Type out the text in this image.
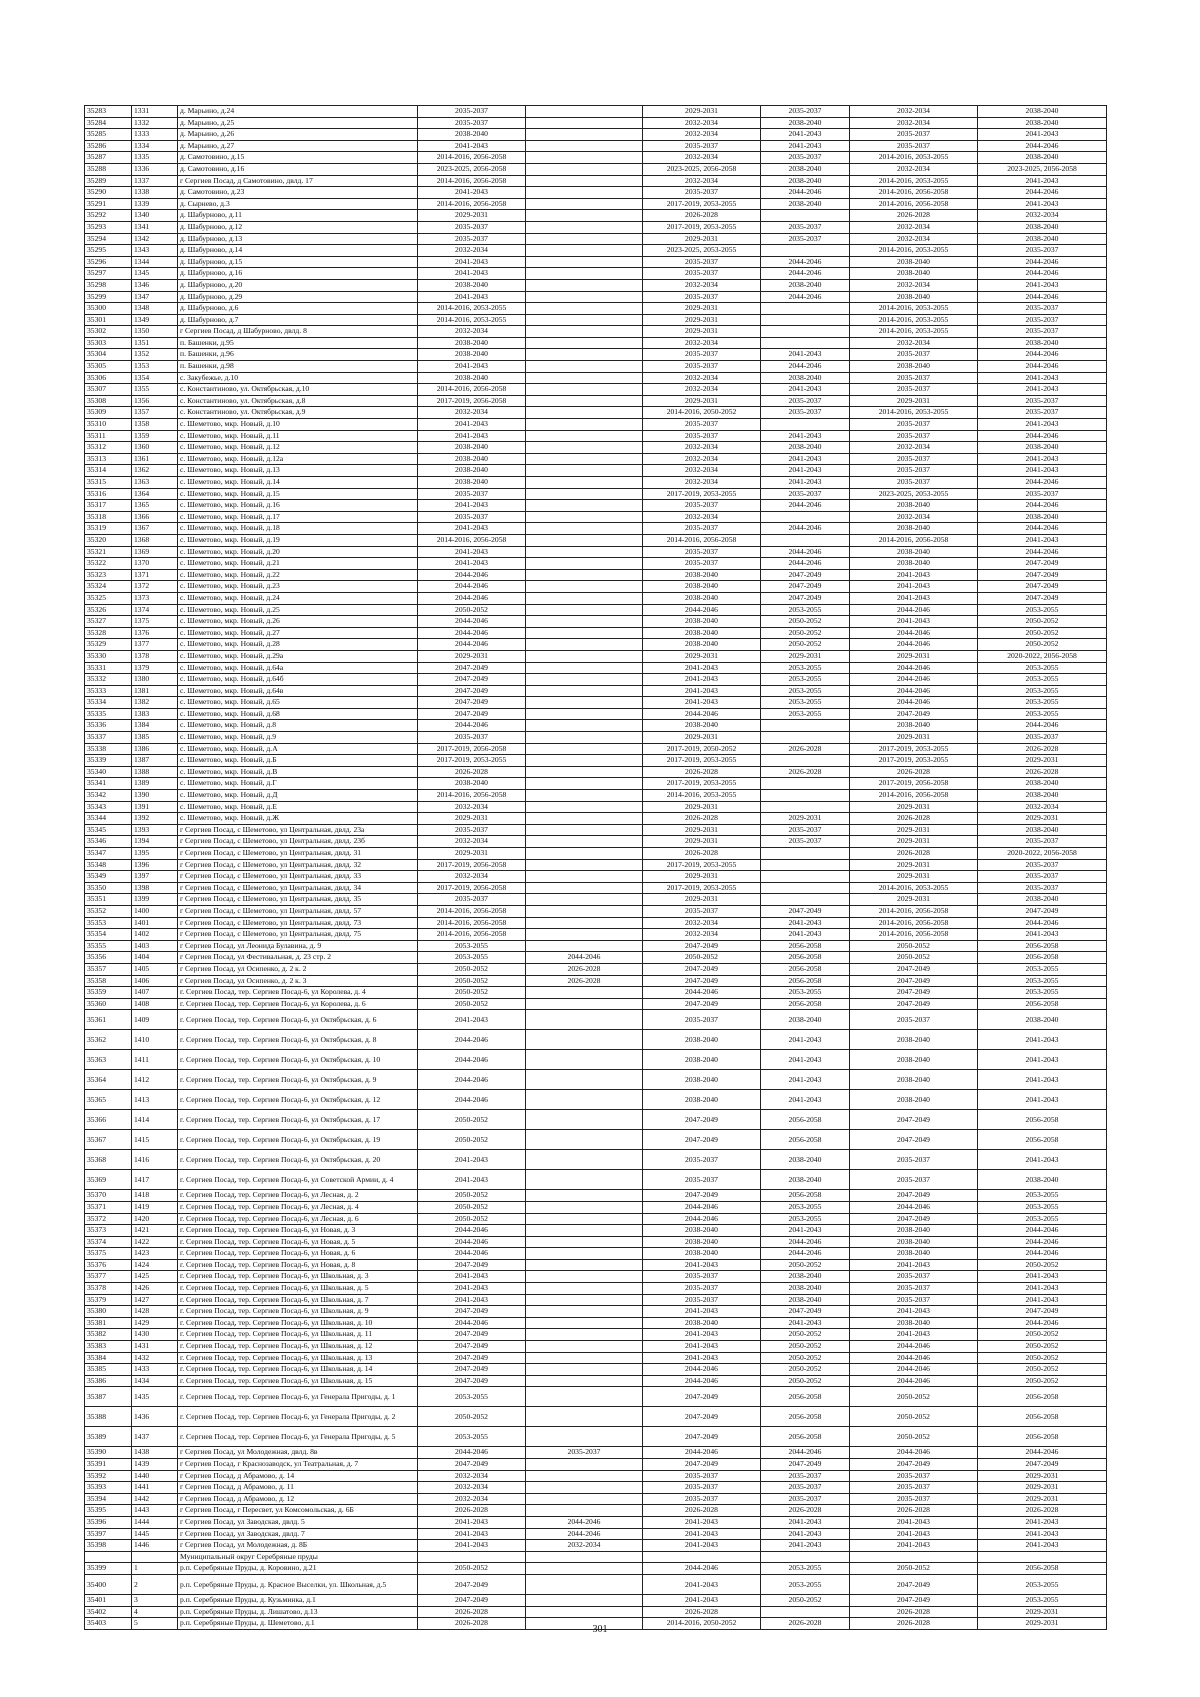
35283	1331	д. Марьино, д.24	2035-2037		2029-2031	2035-2037	2032-2034	2038-2040
35284	1332	д. Марьино, д.25	2035-2037		2032-2034	2038-2040	2032-2034	2038-2040
35285	1333	д. Марьино, д.26	2038-2040		2032-2034	2041-2043	2035-2037	2041-2043
35286	1334	д. Марьино, д.27	2041-2043		2035-2037	2041-2043	2035-2037	2044-2046
35287	1335	д. Самотовино, д.15	2014-2016, 2056-2058		2032-2034	2035-2037	2014-2016, 2053-2055	2038-2040
35288	1336	д. Самотовино, д.16	2023-2025, 2056-2058		2023-2025, 2056-2058	2038-2040	2032-2034	2023-2025, 2056-2058
35289	1337	г Сергиев Посад, д Самотовино, двлд. 17	2014-2016, 2056-2058		2032-2034	2038-2040	2014-2016, 2053-2055	2041-2043
35290	1338	д. Самотовино, д.23	2041-2043		2035-2037	2044-2046	2014-2016, 2056-2058	2044-2046
35291	1339	д. Сырнево, д.3	2014-2016, 2056-2058		2017-2019, 2053-2055	2038-2040	2014-2016, 2056-2058	2041-2043
35292	1340	д. Шабурново, д.11	2029-2031		2026-2028		2026-2028	2032-2034
35293	1341	д. Шабурново, д.12	2035-2037		2017-2019, 2053-2055	2035-2037	2032-2034	2038-2040
35294	1342	д. Шабурново, д.13	2035-2037		2029-2031	2035-2037	2032-2034	2038-2040
35295	1343	д. Шабурново, д.14	2032-2034		2023-2025, 2053-2055		2014-2016, 2053-2055	2035-2037
35296	1344	д. Шабурново, д.15	2041-2043		2035-2037	2044-2046	2038-2040	2044-2046
35297	1345	д. Шабурново, д.16	2041-2043		2035-2037	2044-2046	2038-2040	2044-2046
35298	1346	д. Шабурново, д.20	2038-2040		2032-2034	2038-2040	2032-2034	2041-2043
35299	1347	д. Шабурново, д.29	2041-2043		2035-2037	2044-2046	2038-2040	2044-2046
35300	1348	д. Шабурново, д.6	2014-2016, 2053-2055		2029-2031		2014-2016, 2053-2055	2035-2037
35301	1349	д. Шабурново, д.7	2014-2016, 2053-2055		2029-2031		2014-2016, 2053-2055	2035-2037
35302	1350	г Сергиев Посад, д Шабурново, двлд. 8	2032-2034		2029-2031		2014-2016, 2053-2055	2035-2037
35303	1351	п. Башенки, д.95	2038-2040		2032-2034		2032-2034	2038-2040
35304	1352	п. Башенки, д.96	2038-2040		2035-2037	2041-2043	2035-2037	2044-2046
35305	1353	п. Башенки, д.98	2041-2043		2035-2037	2044-2046	2038-2040	2044-2046
35306	1354	с. Закубежье, д.10	2038-2040		2032-2034	2038-2040	2035-2037	2041-2043
35307	1355	с. Константиново, ул. Октябрьская, д.10	2014-2016, 2056-2058		2032-2034	2041-2043	2035-2037	2041-2043
35308	1356	с. Константиново, ул. Октябрьская, д.8	2017-2019, 2056-2058		2029-2031	2035-2037	2029-2031	2035-2037
35309	1357	с. Константиново, ул. Октябрьская, д.9	2032-2034		2014-2016, 2050-2052	2035-2037	2014-2016, 2053-2055	2035-2037
35310	1358	с. Шеметово, мкр. Новый, д.10	2041-2043		2035-2037		2035-2037	2041-2043
35311	1359	с. Шеметово, мкр. Новый, д.11	2041-2043		2035-2037	2041-2043	2035-2037	2044-2046
35312	1360	с. Шеметово, мкр. Новый, д.12	2038-2040		2032-2034	2038-2040	2032-2034	2038-2040
35313	1361	с. Шеметово, мкр. Новый, д.12а	2038-2040		2032-2034	2041-2043	2035-2037	2041-2043
35314	1362	с. Шеметово, мкр. Новый, д.13	2038-2040		2032-2034	2041-2043	2035-2037	2041-2043
35315	1363	с. Шеметово, мкр. Новый, д.14	2038-2040		2032-2034	2041-2043	2035-2037	2044-2046
35316	1364	с. Шеметово, мкр. Новый, д.15	2035-2037		2017-2019, 2053-2055	2035-2037	2023-2025, 2053-2055	2035-2037
35317	1365	с. Шеметово, мкр. Новый, д.16	2041-2043		2035-2037	2044-2046	2038-2040	2044-2046
35318	1366	с. Шеметово, мкр. Новый, д.17	2035-2037		2032-2034		2032-2034	2038-2040
35319	1367	с. Шеметово, мкр. Новый, д.18	2041-2043		2035-2037	2044-2046	2038-2040	2044-2046
35320	1368	с. Шеметово, мкр. Новый, д.19	2014-2016, 2056-2058		2014-2016, 2056-2058		2014-2016, 2056-2058	2041-2043
35321	1369	с. Шеметово, мкр. Новый, д.20	2041-2043		2035-2037	2044-2046	2038-2040	2044-2046
35322	1370	с. Шеметово, мкр. Новый, д.21	2041-2043		2035-2037	2044-2046	2038-2040	2047-2049
35323	1371	с. Шеметово, мкр. Новый, д.22	2044-2046		2038-2040	2047-2049	2041-2043	2047-2049
35324	1372	с. Шеметово, мкр. Новый, д.23	2044-2046		2038-2040	2047-2049	2041-2043	2047-2049
35325	1373	с. Шеметово, мкр. Новый, д.24	2044-2046		2038-2040	2047-2049	2041-2043	2047-2049
35326	1374	с. Шеметово, мкр. Новый, д.25	2050-2052		2044-2046	2053-2055	2044-2046	2053-2055
35327	1375	с. Шеметово, мкр. Новый, д.26	2044-2046		2038-2040	2050-2052	2041-2043	2050-2052
35328	1376	с. Шеметово, мкр. Новый, д.27	2044-2046		2038-2040	2050-2052	2044-2046	2050-2052
35329	1377	с. Шеметово, мкр. Новый, д.28	2044-2046		2038-2040	2050-2052	2044-2046	2050-2052
35330	1378	с. Шеметово, мкр. Новый, д.29а	2029-2031		2029-2031	2029-2031	2029-2031	2020-2022, 2056-2058
35331	1379	с. Шеметово, мкр. Новый, д.64а	2047-2049		2041-2043	2053-2055	2044-2046	2053-2055
35332	1380	с. Шеметово, мкр. Новый, д.64б	2047-2049		2041-2043	2053-2055	2044-2046	2053-2055
35333	1381	с. Шеметово, мкр. Новый, д.64в	2047-2049		2041-2043	2053-2055	2044-2046	2053-2055
35334	1382	с. Шеметово, мкр. Новый, д.65	2047-2049		2041-2043	2053-2055	2044-2046	2053-2055
35335	1383	с. Шеметово, мкр. Новый, д.68	2047-2049		2044-2046	2053-2055	2047-2049	2053-2055
35336	1384	с. Шеметово, мкр. Новый, д.8	2044-2046		2038-2040		2038-2040	2044-2046
35337	1385	с. Шеметово, мкр. Новый, д.9	2035-2037		2029-2031		2029-2031	2035-2037
35338	1386	с. Шеметово, мкр. Новый, д.А	2017-2019, 2056-2058		2017-2019, 2050-2052	2026-2028	2017-2019, 2053-2055	2026-2028
35339	1387	с. Шеметово, мкр. Новый, д.Б	2017-2019, 2053-2055		2017-2019, 2053-2055		2017-2019, 2053-2055	2029-2031
35340	1388	с. Шеметово, мкр. Новый, д.В	2026-2028		2026-2028	2026-2028	2026-2028	2026-2028
35341	1389	с. Шеметово, мкр. Новый, д.Г	2038-2040		2017-2019, 2053-2055		2017-2019, 2056-2058	2038-2040
35342	1390	с. Шеметово, мкр. Новый, д.Д	2014-2016, 2056-2058		2014-2016, 2053-2055		2014-2016, 2056-2058	2038-2040
35343	1391	с. Шеметово, мкр. Новый, д.Е	2032-2034		2029-2031		2029-2031	2032-2034
35344	1392	с. Шеметово, мкр. Новый, д.Ж	2029-2031		2026-2028	2029-2031	2026-2028	2029-2031
35345	1393	г Сергиев Посад, с Шеметово, ул Центральная, двлд. 23а	2035-2037		2029-2031	2035-2037	2029-2031	2038-2040
35346	1394	г Сергиев Посад, с Шеметово, ул Центральная, двлд. 23б	2032-2034		2029-2031	2035-2037	2029-2031	2035-2037
35347	1395	г Сергиев Посад, с Шеметово, ул Центральная, двлд. 31	2029-2031		2026-2028		2026-2028	2020-2022, 2056-2058
35348	1396	г Сергиев Посад, с Шеметово, ул Центральная, двлд. 32	2017-2019, 2056-2058		2017-2019, 2053-2055		2029-2031	2035-2037
35349	1397	г Сергиев Посад, с Шеметово, ул Центральная, двлд. 33	2032-2034		2029-2031		2029-2031	2035-2037
35350	1398	г Сергиев Посад, с Шеметово, ул Центральная, двлд. 34	2017-2019, 2056-2058		2017-2019, 2053-2055		2014-2016, 2053-2055	2035-2037
35351	1399	г Сергиев Посад, с Шеметово, ул Центральная, двлд. 35	2035-2037		2029-2031		2029-2031	2038-2040
35352	1400	г Сергиев Посад, с Шеметово, ул Центральная, двлд. 57	2014-2016, 2056-2058		2035-2037	2047-2049	2014-2016, 2056-2058	2047-2049
35353	1401	г Сергиев Посад, с Шеметово, ул Центральная, двлд. 73	2014-2016, 2056-2058		2032-2034	2041-2043	2014-2016, 2056-2058	2044-2046
35354	1402	г Сергиев Посад, с Шеметово, ул Центральная, двлд. 75	2014-2016, 2056-2058		2032-2034	2041-2043	2014-2016, 2056-2058	2041-2043
35355	1403	г Сергиев Посад, ул Леонида Булавина, д. 9	2053-2055		2047-2049	2056-2058	2050-2052	2056-2058
35356	1404	г Сергиев Посад, ул Фестивальная, д. 23 стр. 2	2053-2055	2044-2046	2050-2052	2056-2058	2050-2052	2056-2058
35357	1405	г Сергиев Посад, ул Осипенко, д. 2 к. 2	2050-2052	2026-2028	2047-2049	2056-2058	2047-2049	2053-2055
35358	1406	г Сергиев Посад, ул Осипенко, д. 2 к. 3	2050-2052	2026-2028	2047-2049	2056-2058	2047-2049	2053-2055
35359	1407	г. Сергиев Посад, тер. Сергиев Посад-6, ул Королева, д. 4	2050-2052		2044-2046	2053-2055	2047-2049	2053-2055
35360	1408	г. Сергиев Посад, тер. Сергиев Посад-6, ул Королева, д. 6	2050-2052		2047-2049	2056-2058	2047-2049	2056-2058
35361	1409	г. Сергиев Посад, тер. Сергиев Посад-6, ул Октябрьская, д. 6	2041-2043		2035-2037	2038-2040	2035-2037	2038-2040
35362	1410	г. Сергиев Посад, тер. Сергиев Посад-6, ул Октябрьская, д. 8	2044-2046		2038-2040	2041-2043	2038-2040	2041-2043
35363	1411	г. Сергиев Посад, тер. Сергиев Посад-6, ул Октябрьская, д. 10	2044-2046		2038-2040	2041-2043	2038-2040	2041-2043
35364	1412	г. Сергиев Посад, тер. Сергиев Посад-6, ул Октябрьская, д. 9	2044-2046		2038-2040	2041-2043	2038-2040	2041-2043
35365	1413	г. Сергиев Посад, тер. Сергиев Посад-6, ул Октябрьская, д. 12	2044-2046		2038-2040	2041-2043	2038-2040	2041-2043
35366	1414	г. Сергиев Посад, тер. Сергиев Посад-6, ул Октябрьская, д. 17	2050-2052		2047-2049	2056-2058	2047-2049	2056-2058
35367	1415	г. Сергиев Посад, тер. Сергиев Посад-6, ул Октябрьская, д. 19	2050-2052		2047-2049	2056-2058	2047-2049	2056-2058
35368	1416	г. Сергиев Посад, тер. Сергиев Посад-6, ул Октябрьская, д. 20	2041-2043		2035-2037	2038-2040	2035-2037	2041-2043
35369	1417	г. Сергиев Посад, тер. Сергиев Посад-6, ул Советской Армии, д. 4	2041-2043		2035-2037	2038-2040	2035-2037	2038-2040
35370	1418	г. Сергиев Посад, тер. Сергиев Посад-6, ул Лесная, д. 2	2050-2052		2047-2049	2056-2058	2047-2049	2053-2055
35371	1419	г. Сергиев Посад, тер. Сергиев Посад-6, ул Лесная, д. 4	2050-2052		2044-2046	2053-2055	2044-2046	2053-2055
35372	1420	г. Сергиев Посад, тер. Сергиев Посад-6, ул Лесная, д. 6	2050-2052		2044-2046	2053-2055	2047-2049	2053-2055
35373	1421	г. Сергиев Посад, тер. Сергиев Посад-6, ул Новая, д. 3	2044-2046		2038-2040	2041-2043	2038-2040	2044-2046
35374	1422	г. Сергиев Посад, тер. Сергиев Посад-6, ул Новая, д. 5	2044-2046		2038-2040	2044-2046	2038-2040	2044-2046
35375	1423	г. Сергиев Посад, тер. Сергиев Посад-6, ул Новая, д. 6	2044-2046		2038-2040	2044-2046	2038-2040	2044-2046
35376	1424	г. Сергиев Посад, тер. Сергиев Посад-6, ул Новая, д. 8	2047-2049		2041-2043	2050-2052	2041-2043	2050-2052
35377	1425	г. Сергиев Посад, тер. Сергиев Посад-6, ул Школьная, д. 3	2041-2043		2035-2037	2038-2040	2035-2037	2041-2043
35378	1426	г. Сергиев Посад, тер. Сергиев Посад-6, ул Школьная, д. 5	2041-2043		2035-2037	2038-2040	2035-2037	2041-2043
35379	1427	г. Сергиев Посад, тер. Сергиев Посад-6, ул Школьная, д. 7	2041-2043		2035-2037	2038-2040	2035-2037	2041-2043
35380	1428	г. Сергиев Посад, тер. Сергиев Посад-6, ул Школьная, д. 9	2047-2049		2041-2043	2047-2049	2041-2043	2047-2049
35381	1429	г. Сергиев Посад, тер. Сергиев Посад-6, ул Школьная, д. 10	2044-2046		2038-2040	2041-2043	2038-2040	2044-2046
35382	1430	г. Сергиев Посад, тер. Сергиев Посад-6, ул Школьная, д. 11	2047-2049		2041-2043	2050-2052	2041-2043	2050-2052
35383	1431	г. Сергиев Посад, тер. Сергиев Посад-6, ул Школьная, д. 12	2047-2049		2041-2043	2050-2052	2044-2046	2050-2052
35384	1432	г. Сергиев Посад, тер. Сергиев Посад-6, ул Школьная, д. 13	2047-2049		2041-2043	2050-2052	2044-2046	2050-2052
35385	1433	г. Сергиев Посад, тер. Сергиев Посад-6, ул Школьная, д. 14	2047-2049		2044-2046	2050-2052	2044-2046	2050-2052
35386	1434	г. Сергиев Посад, тер. Сергиев Посад-6, ул Школьная, д. 15	2047-2049		2044-2046	2050-2052	2044-2046	2050-2052
35387	1435	г. Сергиев Посад, тер. Сергиев Посад-6, ул Генерала Пригоды, д. 1	2053-2055		2047-2049	2056-2058	2050-2052	2056-2058
35388	1436	г. Сергиев Посад, тер. Сергиев Посад-6, ул Генерала Пригоды, д. 2	2050-2052		2047-2049	2056-2058	2050-2052	2056-2058
35389	1437	г. Сергиев Посад, тер. Сергиев Посад-6, ул Генерала Пригоды, д. 5	2053-2055		2047-2049	2056-2058	2050-2052	2056-2058
35390	1438	г Сергиев Посад, ул Молодежная, двлд. 8в	2044-2046	2035-2037	2044-2046	2044-2046	2044-2046	2044-2046
35391	1439	г Сергиев Посад, г Краснозаводск, ул Театральная, д. 7	2047-2049		2047-2049	2047-2049	2047-2049	2047-2049
35392	1440	г Сергиев Посад, д Абрамово, д. 14	2032-2034		2035-2037	2035-2037	2035-2037	2029-2031
35393	1441	г Сергиев Посад, д Абрамово, д. 11	2032-2034		2035-2037	2035-2037	2035-2037	2029-2031
35394	1442	г Сергиев Посад, д Абрамово, д. 12	2032-2034		2035-2037	2035-2037	2035-2037	2029-2031
35395	1443	г Сергиев Посад, г Пересвет, ул Комсомольская, д. 6Б	2026-2028		2026-2028	2026-2028	2026-2028	2026-2028
35396	1444	г Сергиев Посад, ул Заводская, двлд. 5	2041-2043	2044-2046	2041-2043	2041-2043	2041-2043	2041-2043
35397	1445	г Сергиев Посад, ул Заводская, двлд. 7	2041-2043	2044-2046	2041-2043	2041-2043	2041-2043	2041-2043
35398	1446	г Сергиев Посад, ул Молодежная, д. 8Б	2041-2043	2032-2034	2041-2043	2041-2043	2041-2043	2041-2043
		Муниципальный округ Серебряные пруды						
35399	1	р.п. Серебряные Пруды, д. Коровино, д.21	2050-2052		2044-2046	2053-2055	2050-2052	2056-2058
35400	2	р.п. Серебряные Пруды, д. Красное Выселки, ул. Школьная, д.5	2047-2049		2041-2043	2053-2055	2047-2049	2053-2055
35401	3	р.п. Серебряные Пруды, д. Кузьминка, д.1	2047-2049		2041-2043	2050-2052	2047-2049	2053-2055
35402	4	р.п. Серебряные Пруды, д. Лишатово, д.13	2026-2028		2026-2028		2026-2028	2029-2031
35403	5	р.п. Серебряные Пруды, д. Шеметово, д.1	2026-2028		2014-2016, 2050-2052	2026-2028	2026-2028	2029-2031
301
